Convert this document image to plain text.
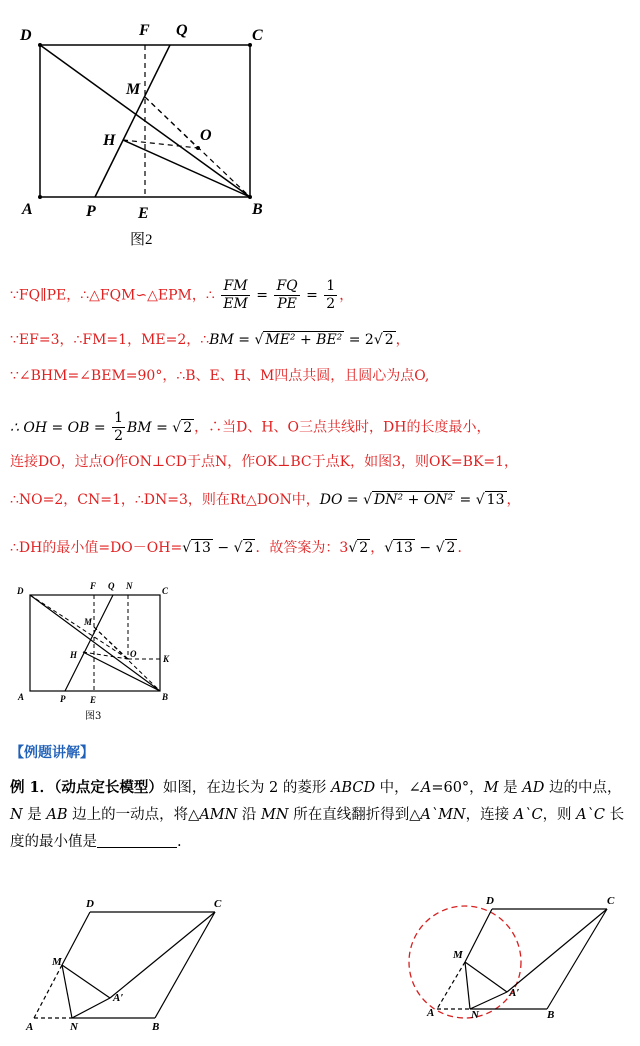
D	F Q	C
M
H	O
A	P	E	B
图2
∵FQ∥PE，∴△FQM∽△EPM，∴ $\frac{FM}{EM} = \frac{FQ}{PE} = \frac{1}{2}$ ，
∵EF=3，∴FM=1，ME=2，∴BM = √ ME² + BE² = 2√ 2 ，
∵∠BHM=∠BEM=90°，∴B、E、H、M四点共圆，且圆心为点O,
∴ OH = OB = $\frac{1}{2}$ BM = √ 2 ，∴当D、H、O三点共线时，DH的长度最小，
连接DO，过点O作ON⊥CD于点N，作OK⊥BC于点K，如图3，则OK=BK=1，
∴NO=2，CN=1，∴DN=3，则在Rt△DON中，DO = √ DN² + ON² = √ 13 ，
∴DH的最小值=DO－OH=√ 13 − √ 2 ．故答案为：3√ 2 ，√ 13 − √ 2 ．
D	F Q N	C
M
H	O	K
A	P	E	B
图3
【例题讲解】
例 1．（动点定长模型）如图，在边长为 2 的菱形 ABCD 中，∠A=60°，M 是 AD 边的中点，N 是 AB 边上的一动点，将△AMN 沿 MN 所在直线翻折得到△A`MN，连接 A`C，则 A`C 长度的最小值是	.
D	C
M
A′
A	N	B
D	C
M
A′
A	N	B
